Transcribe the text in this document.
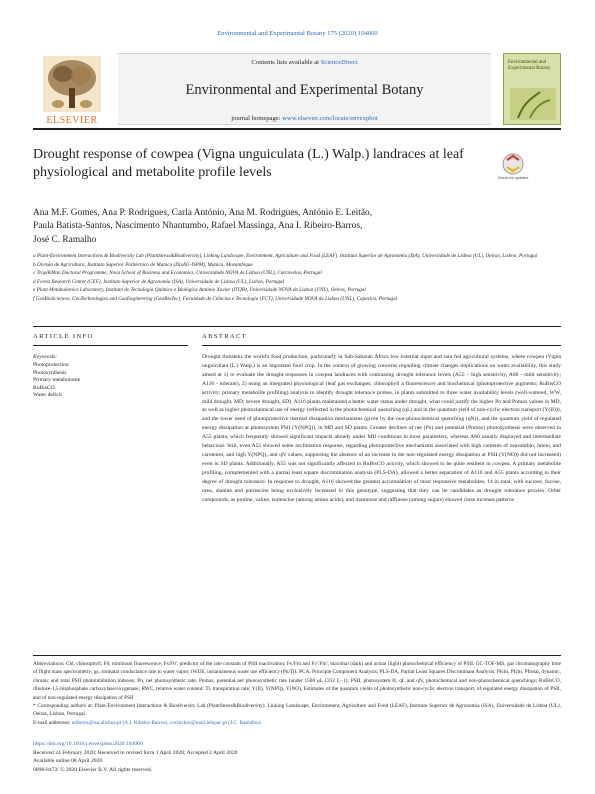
Environmental and Experimental Botany 175 (2020) 104060
Contents lists available at ScienceDirect
Environmental and Experimental Botany
journal homepage: www.elsevier.com/locate/envexpbot
ELSEVIER
Environmental and Experimental Botany
Drought response of cowpea (Vigna unguiculata (L.) Walp.) landraces at leaf physiological and metabolite profile levels	Check for updates
Ana M.F. Gomes, Ana P. Rodrigues, Carla António, Ana M. Rodrigues, António E. Leitão,
Paula Batista-Santos, Nascimento Nhantumbo, Rafael Massinga, Ana I. Ribeiro-Barros,
José C. Ramalho
a Plant-Environment Interactions & Biodiversity Lab (PlantStress&Biodiversity), Linking Landscape, Environment, Agriculture and Food (LEAF), Instituto Superior de Agronomia (ISA), Universidade de Lisboa (UL), Oeiras, Lisboa, Portugal
b Divisão de Agricultura, Instituto Superior Politécnico de Manica (DivAG-ISPM), Manica, Mozambique
c TropiKMan Doctoral Programme, Nova School of Business and Economics, Universidade NOVA de Lisboa (UNL), Carcavelos, Portugal
d Forest Research Center (CEF), Instituto Superior de Agronomia (ISA), Universidade de Lisboa (UL), Lisbon, Portugal
e Plant Metabolomics Laboratory, Instituto de Tecnologia Química e Biológica António Xavier (ITQB), Universidade NOVA de Lisboa (UNL), Oeiras, Portugal
f GeoBioSciences, GeoTechnologies and GeoEngineering (GeoBioTec), Faculdade de Ciências e Tecnologia (FCT), Universidade NOVA de Lisboa (UNL), Caparica, Portugal
ARTICLE INFO	ABSTRACT
Keywords:
Photoprotection
Photosynthesis
Primary metabolome
RuBisCO
Water deficit
Drought threatens the world's food production, particularly in Sub-Saharan Africa low external input and rain fed agricultural systems, where cowpea (Vigna unguiculata (L.) Walp.) is an important food crop. In the context of growing concerns regarding climate changes implications on water availability, this study aimed at 1) to evaluate the drought responses in cowpea landraces with contrasting drought tolerance levels (A55 – high sensitivity, A80 - mild sensitivity; A116 - tolerant), 2) using an integrated physiological (leaf gas exchanges; chlorophyll a fluorescence) and biochemical (photoprotective pigments; RuBisCO activity; primary metabolite profiling) analysis to identify drought tolerance probes, in plants submitted to three water availability levels (well-watered, WW, mild drought, MD; severe drought, SD). A116 plants maintained a better water status under drought, what could justify the higher Pn and Pnmax values in MD, as well as higher photochemical use of energy (reflected in the photochemical quenching (qL) and in the quantum yield of non-cyclic electron transport (Y(II))), and the lower need of photoprotective thermal dissipation mechanisms (given by the non-photochemical quenching (qN)), and the quantum yield of regulated energy dissipation at photosystem PSII (Y(NPQ)), in MD and SD plants. Greater declines of net (Pn) and potential (Pnmax) photosynthesis were observed in A55 plants, which frequently showed significant impacts already under MD conditions in most parameters, whereas A80 usually displayed and intermediate behaviour. Still, even A55 showed some acclimation response, regarding photoprotective mechanisms associated with high contents of zeaxanthin, lutein, and carotenes, and high Y(NPQ), and qN values, supporting the absence of an increase in the non-regulated energy dissipation at PSII (Y(NO)) did not increased) even in SD plants. Additionally, A55 was not significantly affected in RuBisCO activity, which showed to be quite resilient in cowpea. A primary metabolite profiling, complemented with a partial least square discrimination analysis (PLS-DA), allowed a better separation of A116 and A55 plants according to their degree of drought tolerance. In response to drought, A116 showed the greatest accumulation of most responsive metabolites, 14 in total, with sucrose, fucose, urea, alanine and putrescine being exclusively increased in this genotype, suggesting that they can be candidates as drought tolerance proxies. Other compounds, as proline, valine, isoleucine (among amino acids), and rhamnose and raffinose (among sugars) showed close increase patterns
Abbreviations: Chl, chlorophyll; F0, minimum fluorescence; Fs/F0', predictor of the rate constant of PSII inactivation; Fv/Fm and Fv'/Fm', maximal (dark) and actual (light) photochemical efficiency of PSII; GC-TOF-MS, gas chromatography time of flight mass spectrometry; gs, stomatal conductance rate to water vapor; iWUE, instantaneous water use efficiency (Pn/Ti); PCA, Principle Component Analysis; PLS-DA, Partial Least Squares Discriminant Analysis; PIchr, PIchr, PItotal, dynamic, chronic and total PSII photoinhibition indexes; Pn, net photosynthetic rate; Pnmax, potential net photosynthetic rate (under 1500 μL CO2 L−1); PSII, photosystem II; qL and qN, photochemical and non-photochemical quenchings; RuBisCO, ribulose-1,5-bisphosphate carboxylase/oxygenase; RWC, relative water content; Ti, transpiration rate; Y(II), Y(NPQ), Y(NO), Estimates of the quantum yields of photosynthetic non-cyclic electron transport, of regulated energy dissipation of PSII, and of non-regulated energy dissipation of PSII
* Corresponding authors at: Plant-Environment Interactions & Biodiversity Lab (PlantStress&Biodiversity), Linking Landscape, Environment, Agriculture and Food (LEAF), Instituto Superior de Agronomia (ISA), Universidade de Lisboa (UL), Oeiras, Lisbon, Portugal.
E-mail addresses: aribeiro@isa.ulisboa.pt (A.I. Ribeiro-Barros), cochichor@mail.telepac.pt (J.C. Ramalho).
https://doi.org/10.1016/j.envexpbot.2020.104060
Received 24 February 2020; Received in revised form 1 April 2020; Accepted 2 April 2020
Available online 08 April 2020
0098-8472/ © 2020 Elsevier B.V. All rights reserved.
